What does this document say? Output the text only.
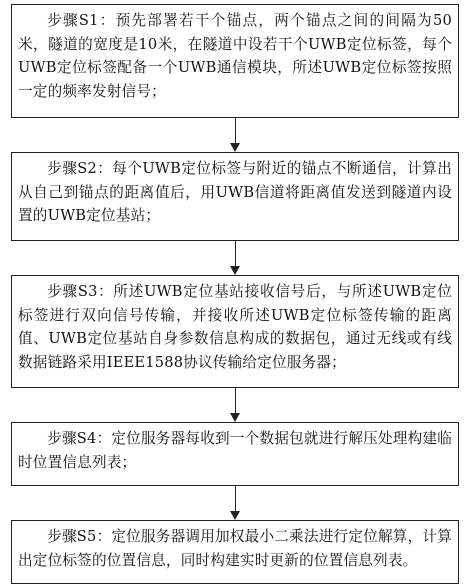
步骤S1：预先部署若干个锚点，两个锚点之间的间隔为50米，隧道的宽度是10米，在隧道中设若干个UWB定位标签，每个UWB定位标签配备一个UWB通信模块，所述UWB定位标签按照一定的频率发射信号；
步骤S2：每个UWB定位标签与附近的锚点不断通信，计算出从自己到锚点的距离值后，用UWB信道将距离值发送到隧道内设置的UWB定位基站；
步骤S3：所述UWB定位基站接收信号后，与所述UWB定位标签进行双向信号传输，并接收所述UWB定位标签传输的距离值、UWB定位基站自身参数信息构成的数据包，通过无线或有线数据链路采用IEEE1588协议传输给定位服务器；
步骤S4：定位服务器每收到一个数据包就进行解压处理构建临时位置信息列表；
步骤S5：定位服务器调用加权最小二乘法进行定位解算，计算出定位标签的位置信息，同时构建实时更新的位置信息列表。
